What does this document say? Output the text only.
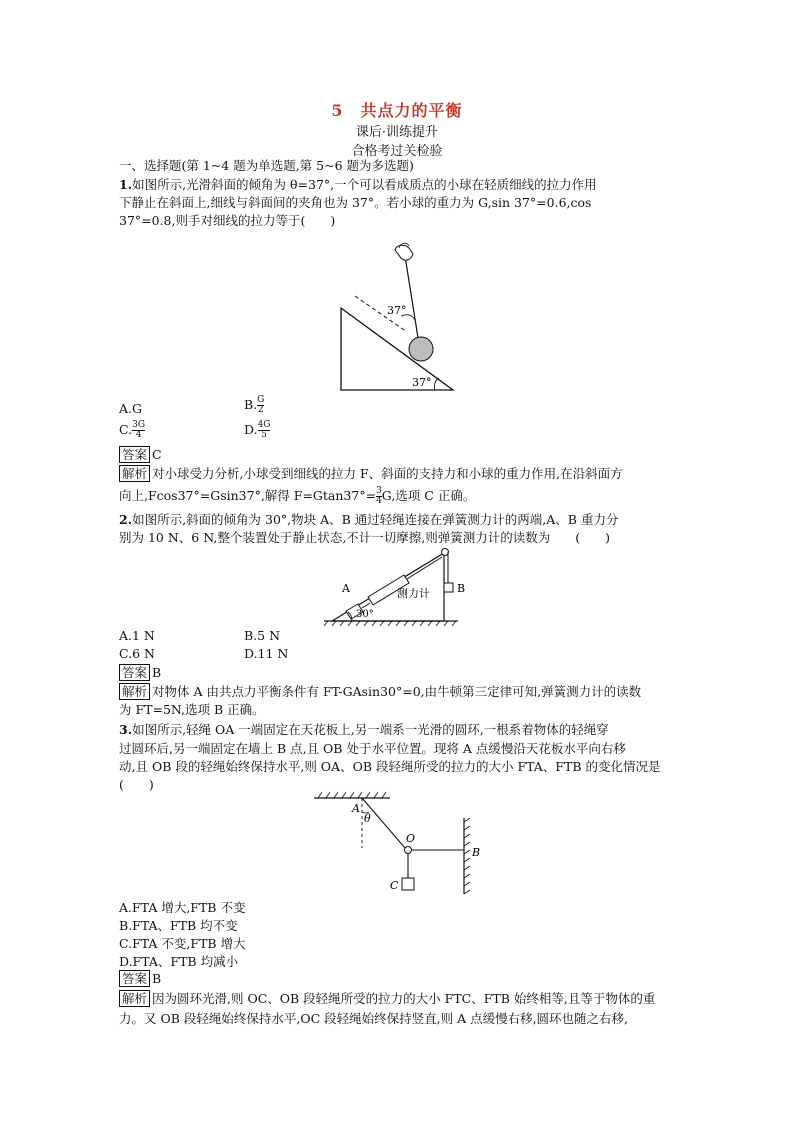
5　共点力的平衡
课后·训练提升
合格考过关检验
一、选择题(第 1~4 题为单选题,第 5~6 题为多选题)
1.如图所示,光滑斜面的倾角为 θ=37°,一个可以看成质点的小球在轻质细线的拉力作用
下静止在斜面上,细线与斜面间的夹角也为 37°。若小球的重力为 G,sin 37°=0.6,cos
37°=0.8,则手对细线的拉力等于(　　)
37°
37°
A.G	B. $\frac{G}{2}$
C. $\frac{3G}{4}$	D. $\frac{4G}{5}$
答案 C
解析 对小球受力分析,小球受到细线的拉力 F、斜面的支持力和小球的重力作用,在沿斜面方
向上,Fcos37°=Gsin37°,解得 $F=Gtan37^\circ= \frac{3}{4} G$,选项 C 正确。
2.如图所示,斜面的倾角为 30°,物块 A、B 通过轻绳连接在弹簧测力计的两端,A、B 重力分
别为 10 N、6 N,整个装置处于静止状态,不计一切摩擦,则弹簧测力计的读数为　　(　　)
A	B
30°
测力计
A.1 N	B.5 N
C.6 N	D.11 N
答案 B
解析 对物体 A 由共点力平衡条件有 FT-GAsin30°=0,由牛顿第三定律可知,弹簧测力计的读数
为 FT=5N,选项 B 正确。
3.如图所示,轻绳 OA 一端固定在天花板上,另一端系一光滑的圆环,一根系着物体的轻绳穿
过圆环后,另一端固定在墙上 B 点,且 OB 处于水平位置。现将 A 点缓慢沿天花板水平向右移
动,且 OB 段的轻绳始终保持水平,则 OA、OB 段轻绳所受的拉力的大小 FTA、FTB 的变化情况是
(　　)
A
θ
O
B
C
A.FTA 增大,FTB 不变
B.FTA、FTB 均不变
C.FTA 不变,FTB 增大
D.FTA、FTB 均减小
答案 B
解析 因为圆环光滑,则 OC、OB 段轻绳所受的拉力的大小 FTC、FTB 始终相等,且等于物体的重
力。又 OB 段轻绳始终保持水平,OC 段轻绳始终保持竖直,则 A 点缓慢右移,圆环也随之右移,
